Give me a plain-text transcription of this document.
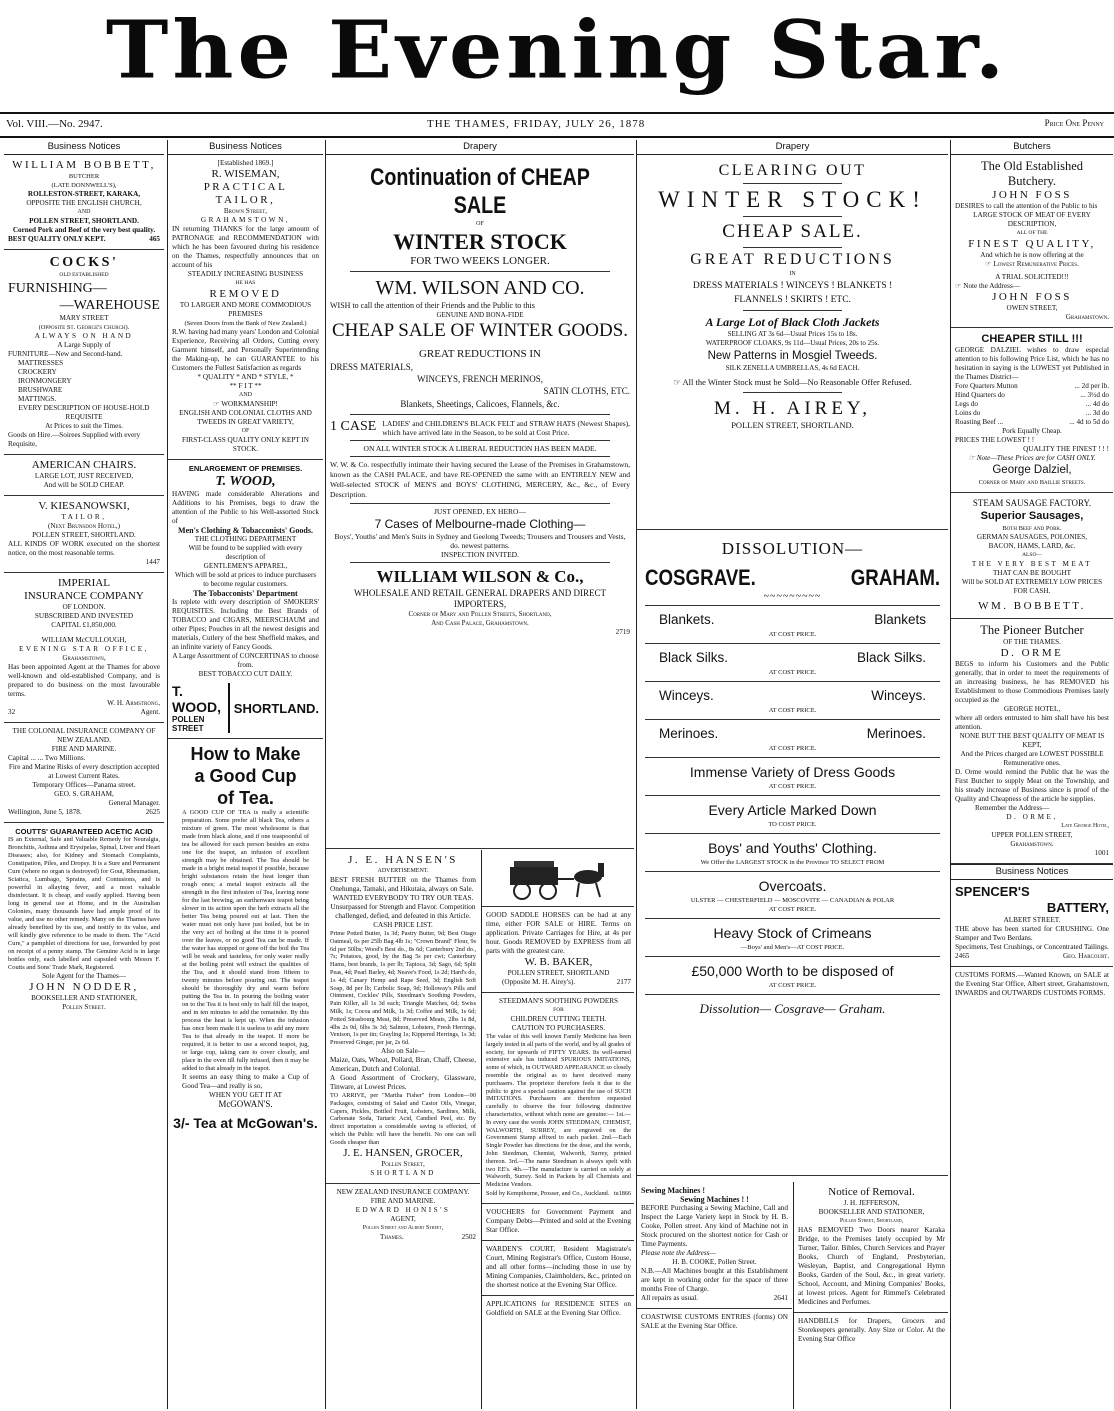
The Evening Star.
Vol. VIII.—No. 2947.	THE THAMES, FRIDAY, JULY 26, 1878	Price One Penny
Business Notices
WILLIAM BOBBETT,
BUTCHER
(LATE DONNWELL'S),
ROLLESTON-STREET, KARAKA,
OPPOSITE THE ENGLISH CHURCH,
AND
POLLEN STREET, SHORTLAND.
Corned Pork and Beef of the very best quality.
BEST QUALITY ONLY KEPT.	465
COCKS'
OLD ESTABLISHED
FURNISHING—
—WAREHOUSE
MARY STREET
(Opposite St. George's Church).
ALWAYS ON HAND
A Large Supply of
FURNITURE—New and Second-hand.
MATTRESSES
CROCKERY
IRONMONGERY
BRUSHWARE
MATTINGS.
EVERY DESCRIPTION OF HOUSE-HOLD REQUISITE
At Prices to suit the Times.
Goods on Hire.—Soirees Supplied with every Requisite,
AMERICAN CHAIRS.
LARGE LOT, JUST RECEIVED,
And will be SOLD CHEAP.
V. KIESANOWSKI,
TAILOR,
(Next Brunsdon Hotel,)
POLLEN STREET, SHORTLAND.
ALL KINDS OF WORK executed on the shortest notice, on the most reasonable terms.
1447
IMPERIAL
INSURANCE COMPANY
OF LONDON.
SUBSCRIBED AND INVESTED
CAPITAL £1,850,000.
WILLIAM McCULLOUGH,
EVENING STAR OFFICE,
Grahamstown,
Has been appointed Agent at the Thames for above well-known and old-established Company, and is prepared to do business on the most favourable terms.
W. H. Armstrong,
32	Agent.
THE COLONIAL INSURANCE COMPANY OF NEW ZEALAND.
FIRE AND MARINE.
Capital ... ... Two Millions.
Fire and Marine Risks of every description accepted at Lowest Current Rates.
Temporary Offices—Panama street.
GEO. S. GRAHAM,
General Manager.
Wellington, June 5, 1878.	2625
COUTTS' GUARANTEED ACETIC ACID
IS an External, Safe and Valuable Remedy for Neuralgia, Bronchitis, Asthma and Erysipelas, Spinal, Liver and Heart Diseases; also, for Kidney and Stomach Complaints, Constipation, Piles, and Dropsy. It is a Sure and Permanent Cure (where no organ is destroyed) for Gout, Rheumatism, Sciatica, Lumbago, Sprains, and Contusions, and is powerful in allaying fever, and a most valuable disinfectant. It is cheap, and easily applied. Having been long in general use at Home, and in the Australian Colonies, many thousands have had ample proof of its value, and use no other remedy. Many on the Thames have already benefited by its use, and testify to its value, and will kindly give reference to be made to them. The "Acid Cure," a pamphlet of directions for use, forwarded by post on receipt of a penny stamp. The Genuine Acid is in large bottles only, each labelled and capsuled with Messrs F. Coutts and Sons' Trade Mark, Registered.
Sole Agent for the Thames—
JOHN NODDER,
BOOKSELLER AND STATIONER,
Pollen Street.
Business Notices
[Established 1869.]
R. WISEMAN,
PRACTICAL TAILOR,
Brown Street,
GRAHAMSTOWN,
IN returning THANKS for the large amount of PATRONAGE and RECOMMENDATION with which he has been favoured during his residence on the Thames, respectfully announces that on account of his
STEADILY INCREASING BUSINESS
HE HAS
REMOVED
TO LARGER AND MORE COMMODIOUS PREMISES
(Seven Doors from the Bank of New Zealand.)
R.W. having had many years' London and Colonial Experience, Receiving all Orders, Cutting every Garment himself, and Personally Superintending the Making-up, he can GUARANTEE to his Customers the Fullest Satisfaction as regards
* QUALITY * AND * STYLE, *
** F I T **
AND
☞ WORKMANSHIP!
ENGLISH AND COLONIAL CLOTHS AND TWEEDS IN GREAT VARIETY,
OF
FIRST-CLASS QUALITY ONLY KEPT IN STOCK.
ENLARGEMENT OF PREMISES.
T. WOOD,
HAVING made considerable Alterations and Additions to his Premises, begs to draw the attention of the Public to his Well-assorted Stock of
Men's Clothing & Tobacconists' Goods.
THE CLOTHING DEPARTMENT
Will be found to be supplied with every description of
GENTLEMEN'S APPAREL,
Which will be sold at prices to induce purchasers to become regular customers.
The Tobacconists' Department
Is replete with every description of SMOKERS' REQUISITES. Including the Best Brands of TOBACCO and CIGARS, MEERSCHAUM and other Pipes; Pouches in all the newest designs and materials, Cutlery of the best Sheffield makes, and an infinite variety of Fancy Goods.
A Large Assortment of CONCERTINAS to choose from.
BEST TOBACCO CUT DAILY.
T. WOOD,
POLLEN STREET
SHORTLAND.
How to Make
a Good Cup
of Tea.
A GOOD CUP OF TEA is really a scientific preparation. Some prefer all black Tea, others a mixture of green. The most wholesome is that made from black alone, and if one teaspoonful of tea be allowed for each person besides an extra one for the teapot, an infusion of excellent strength may be obtained. The Tea should be made in a bright metal teapot if possible, because bright substances retain the heat longer than rough ones; a metal teapot extracts all the strength in the first infusion of Tea, leaving none for the last brewing, an earthenware teapot being slower in its action upon the herb extracts all the better Tea being poured out at last. Then the water must not only have just boiled, but be in the very act of boiling at the time it is poured over the leaves, or no good Tea can be made. If the water has stopped or gone off the boil the Tea will be weak and tasteless, for only water really at the boiling point will extract the qualities of the Tea, and it should stand from fifteen to twenty minutes before pouring out. The teapot should be thoroughly dry and warm before putting the Tea in. In pouring the boiling water on to the Tea it is best only to half fill the teapot, and in ten minutes to add the remainder. By this process the heat is kept up. When the infusion has once been made it is useless to add any more Tea to that already in the teapot. If more be required, it is better to use a second teapot, jug, or large cup, taking care to cover closely, and place in the oven till fully infused, then it may be added to that already in the teapot.
It seems an easy thing to make a Cup of Good Tea—and really is so,
WHEN YOU GET IT AT
McGOWAN'S.
3/- Tea at McGowan's.
Drapery
Continuation of CHEAP SALE
OF
WINTER STOCK
FOR TWO WEEKS LONGER.
WM. WILSON AND CO.
WISH to call the attention of their Friends and the Public to this
GENUINE AND BONA-FIDE
CHEAP SALE OF WINTER GOODS.
GREAT REDUCTIONS IN
DRESS MATERIALS,
WINCEYS, FRENCH MERINOS,
SATIN CLOTHS, ETC.
Blankets, Sheetings, Calicoes, Flannels, &c.
1 CASE LADIES' and CHILDREN'S BLACK FELT and STRAW HATS (Newest Shapes), which have arrived late in the Season, to be sold at Cost Price.
ON ALL WINTER STOCK A LIBERAL REDUCTION HAS BEEN MADE.
W. W. & Co. respectfully intimate their having secured the Lease of the Premises in Grahamstown, known as the CASH PALACE, and have RE-OPENED the same with an ENTIRELY NEW and Well-selected STOCK of MEN'S and BOYS' CLOTHING, MERCERY, &c., &c., of Every Description.
JUST OPENED, EX HERO—
7 Cases of Melbourne-made Clothing—
Boys', Youths' and Men's Suits in Sydney and Geelong Tweeds; Trousers and Trousers and Vests, do. newest patterns.
INSPECTION INVITED.
WILLIAM WILSON & Co.,
WHOLESALE AND RETAIL GENERAL DRAPERS AND DIRECT IMPORTERS,
Corner of Mary and Pollen Streets, Shortland,
And Cash Palace, Grahamstown.
2719
J. E. HANSEN'S
ADVERTISEMENT.
BEST FRESH BUTTER on the Thames from Onehunga, Tamaki, and Hikutaia, always on Sale.
WANTED EVERYBODY TO TRY OUR TEAS.
Unsurpassed for Strength and Flavor. Competition challenged, defied, and defeated in this Article.
CASH PRICE LIST.
Prime Potted Butter, 1s 3d; Pastry Butter, 9d; Best Otago Oatmeal, 6s per 25lb Bag 4lb 1s; "Crown Brand" Flour, 9s 6d per 50lbs; Wood's Best do., 8s 6d; Canterbury 2nd do., 7s; Potatoes, good, by the Bag 5s per cwt; Canterbury Hams, best brands, 1s per lb; Tapioca, 3d; Sago, 6d; Split Peas, 4d; Pearl Barley, 4d; Neave's Food, 1s 2d; Hard's do, 1s 4d; Canary Hemp and Rape Seed, 3d; English Soft Soap, 8d per lb; Carbolic Soap, 9d; Holloway's Pills and Ointment, Cockles' Pills, Steedman's Soothing Powders, Pain Killer, all 1s 3d each; Triangle Matches, 6d; Swiss Milk, 1s; Cocoa and Milk, 1s 3d; Coffee and Milk, 1s 6d; Potted Strasbourg Meat, 8d; Preserved Meats, 2lbs 1s 8d, 4lbs 2s 9d, 6lbs 3s 3d; Salmon, Lobsters, Fresh Herrings, Venison, 1s per tin; Grayling 1s; Kippered Herrings, 1s 3d; Preserved Ginger, per jar, 2s 6d.
Also on Sale—
Maize, Oats, Wheat, Pollard, Bran, Chaff, Cheese, American, Dutch and Colonial.
A Good Assortment of Crockery, Glassware, Tinware, at Lowest Prices.
TO ARRIVE, per "Martha Fisher" from London—90 Packages, consisting of Salad and Castor Oils, Vinegar, Capers, Pickles, Bottled Fruit, Lobsters, Sardines, Milk, Carbonate Soda, Tartaric Acid, Candied Peel, etc. By direct importation a considerable saving is effected, of which the Public will have the benefit. No one can sell Goods cheaper than
J. E. HANSEN, GROCER,
Pollen Street,
SHORTLAND
NEW ZEALAND INSURANCE COMPANY.
FIRE AND MARINE.
EDWARD HONIS'S
AGENT,
Pollen Street and Albert Street,
Thames.	2502
GOOD SADDLE HORSES can be had at any time, either FOR SALE or HIRE. Terms on application. Private Carriages for Hire, at 4s per hour. Goods REMOVED by EXPRESS from all parts with the greatest care.
W. B. BAKER,
POLLEN STREET, SHORTLAND
(Opposite M. H. Airey's).	2177
STEEDMAN'S SOOTHING POWDERS
FOR
CHILDREN CUTTING TEETH.
CAUTION TO PURCHASERS.
The value of this well known Family Medicine has been largely tested in all parts of the world, and by all grades of society, for upwards of FIFTY YEARS. Its well-earned extensive sale has induced SPURIOUS IMITATIONS, some of which, in OUTWARD APPEARANCE so closely resemble the original as to have deceived many purchasers. The proprietor therefore feels it due to the public to give a special caution against the use of SUCH IMITATIONS. Purchasers are therefore requested carefully to observe the four following distinctive characteristics, without which none are genuine:— 1st.—In every case the words JOHN STEEDMAN, CHEMIST, WALWORTH, SURREY, are engraved on the Government Stamp affixed to each packet. 2nd.—Each Single Powder has directions for the dose, and the words, John Steedman, Chemist, Walworth, Surrey, printed thereon. 3rd.—The name Steedman is always spelt with two EE's. 4th.—The manufacture is carried on solely at Walworth, Surrey. Sold in Packets by all Chemists and Medicine Vendors.
Sold by Kempthorne, Prosser, and Co., Auckland. tu1866
VOUCHERS for Government Payment and Company Debts—Printed and sold at the Evening Star Office.
WARDEN'S COURT, Resident Magistrate's Court, Mining Registrar's Office, Custom House, and all other forms—including those in use by Mining Companies, Claimholders, &c., printed on the shortest notice at the Evening Star Office.
APPLICATIONS for RESIDENCE SITES on Goldfield on SALE at the Evening Star Office.
Drapery
CLEARING OUT
WINTER STOCK!
CHEAP SALE.
GREAT REDUCTIONS
IN
DRESS MATERIALS ! WINCEYS ! BLANKETS !
FLANNELS ! SKIRTS ! ETC.
A Large Lot of Black Cloth Jackets
SELLING AT 3s 6d—Usual Prices 15s to 18s.
WATERPROOF CLOAKS, 9s 11d—Usual Prices, 20s to 25s.
New Patterns in Mosgiel Tweeds.
SILK ZENELLA UMBRELLAS, 4s 6d EACH.
☞ All the Winter Stock must be Sold—No Reasonable Offer Refused.
M. H. AIREY,
POLLEN STREET, SHORTLAND.
DISSOLUTION—
COSGRAVE.	GRAHAM.
~~~~~~~~~
Blankets.	Blankets
AT COST PRICE.
Black Silks.	Black Silks.
AT COST PRICE.
Winceys.	Winceys.
AT COST PRICE.
Merinoes.	Merinoes.
AT COST PRICE.
Immense Variety of Dress Goods
AT COST PRICE.
Every Article Marked Down
TO COST PRICE.
Boys' and Youths' Clothing.
We Offer the LARGEST STOCK in the Province TO SELECT FROM
Overcoats.
ULSTER — CHESTERFIELD — MOSCOVITE — CANADIAN & POLAR
AT COST PRICE.
Heavy Stock of Crimeans
—Boys' and Men's—AT COST PRICE.
£50,000 Worth to be disposed of
AT COST PRICE.
Dissolution— Cosgrave— Graham.
Sewing Machines !
Sewing Machines ! !
BEFORE Purchasing a Sewing Machine, Call and Inspect the Large Variety kept in Stock by H. B. Cooke, Pollen street. Any kind of Machine not in Stock procured on the shortest notice for Cash or Time Payments.
Please note the Address—
H. B. COOKE, Pollen Street.
N.B.—All Machines bought at this Establishment are kept in working order for the space of three months Free of Charge.
All repairs as usual.	2641
COASTWISE CUSTOMS ENTRIES (forms) ON SALE at the Evening Star Office.
Notice of Removal.
J. H. JEFFERSON,
BOOKSELLER AND STATIONER,
Pollen Street, Shortland,
HAS REMOVED Two Doors nearer Karaka Bridge, to the Premises lately occupied by Mr Turner, Tailor. Bibles, Church Services and Prayer Books, Church of England, Presbyterian, Wesleyan, Baptist, and Congregational Hymn Books, Garden of the Soul, &c., in great variety. School, Account, and Mining Companies' Books, at lowest prices. Agent for Rimmel's Celebrated Medicines and Perfumes.
HANDBILLS for Drapers, Grocers and Storekeepers generally. Any Size or Color. At the Evening Star Office
Butchers
The Old Established
Butchery.
JOHN FOSS
DESIRES to call the attention of the Public to his
LARGE STOCK OF MEAT OF EVERY DESCRIPTION,
ALL OF THE
FINEST QUALITY,
And which he is now offering at the
☞ Lowest Remunerative Prices.
A TRIAL SOLICITED!!!
☞ Note the Address—
JOHN FOSS
OWEN STREET,
Grahamstown.
CHEAPER STILL !!!
GEORGE DALZIEL wishes to draw especial attention to his following Price List, which he has no hesitation in saying is the LOWEST yet Published in the Thames District—
Fore Quarters Mutton	... 2d per lb.
Hind Quarters do	... 3½d do
Legs do	... 4d do
Loins do	... 3d do
Roasting Beef ...	... 4d to 5d do
Pork Equally Cheap.
PRICES THE LOWEST ! !
QUALITY THE FINEST ! ! !
☞ Note—These Prices are for CASH ONLY.
George Dalziel,
Corner of Mary and Baillie Streets.
STEAM SAUSAGE FACTORY.
Superior Sausages,
Both Beef and Pork.
GERMAN SAUSAGES, POLONIES,
BACON, HAMS, LARD, &c.
ALSO—
THE VERY BEST MEAT
THAT CAN BE BOUGHT
Will be SOLD AT EXTREMELY LOW PRICES FOR CASH.
WM. BOBBETT.
The Pioneer Butcher
OF THE THAMES.
D. ORME
BEGS to inform his Customers and the Public generally, that in order to meet the requirements of an increasing business, he has REMOVED his Establishment to those Commodious Premises lately occupied as the
GEORGE HOTEL,
where all orders entrusted to him shall have his best attention.
NONE BUT THE BEST QUALITY OF MEAT IS KEPT,
And the Prices charged are LOWEST POSSIBLE Remunerative ones.
D. Orme would remind the Public that he was the First Butcher to supply Meat on the Township, and his steady increase of Business since is proof of the Quality and Cheapness of the article he supplies.
Remember the Address—
D. ORME,
Late George Hotel,
UPPER POLLEN STREET,
Grahamstown.
1001
Business Notices
SPENCER'S
BATTERY,
ALBERT STREET.
THE above has been started for CRUSHING. One Stamper and Two Berdans.
Specimens, Test Crushings, or Concentrated Tailings.
2465	Geo. Harcourt.
CUSTOMS FORMS.—Wanted Known, on SALE at the Evening Star Office, Albert street, Grahamstown, INWARDS and OUTWARDS CUSTOMS FORMS.
